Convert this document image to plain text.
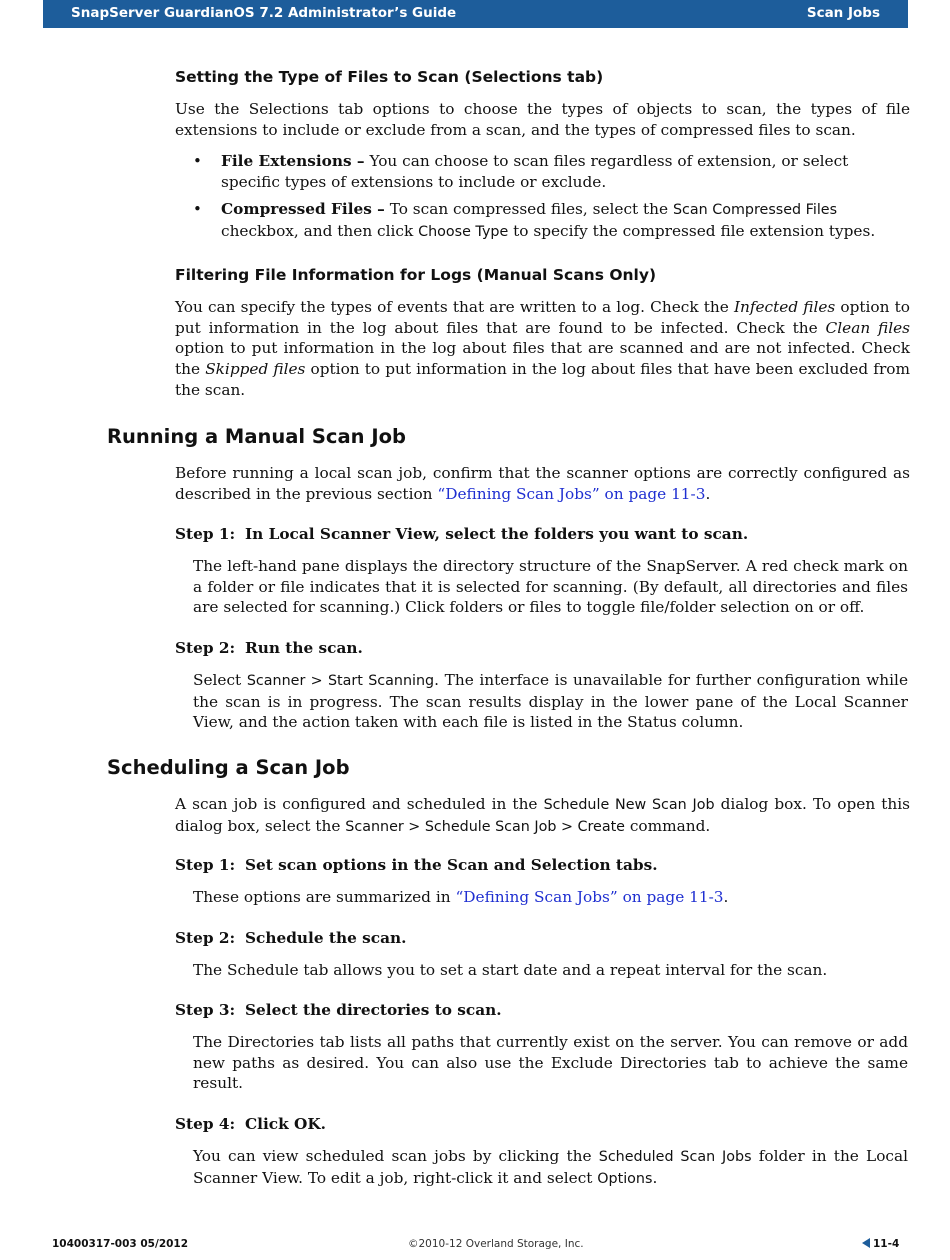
SnapServer GuardianOS 7.2 Administrator’s Guide	Scan Jobs
Setting the Type of Files to Scan (Selections tab)
Use the Selections tab options to choose the types of objects to scan, the types of file extensions to include or exclude from a scan, and the types of compressed files to scan.
• File Extensions – You can choose to scan files regardless of extension, or select specific types of extensions to include or exclude.
• Compressed Files – To scan compressed files, select the Scan Compressed Files checkbox, and then click Choose Type to specify the compressed file extension types.
Filtering File Information for Logs (Manual Scans Only)
You can specify the types of events that are written to a log. Check the Infected files option to put information in the log about files that are found to be infected. Check the Clean files option to put information in the log about files that are scanned and are not infected. Check the Skipped files option to put information in the log about files that have been excluded from the scan.
Running a Manual Scan Job
Before running a local scan job, confirm that the scanner options are correctly configured as described in the previous section “Defining Scan Jobs” on page 11-3.
Step 1: In Local Scanner View, select the folders you want to scan.
The left-hand pane displays the directory structure of the SnapServer. A red check mark on a folder or file indicates that it is selected for scanning. (By default, all directories and files are selected for scanning.) Click folders or files to toggle file/folder selection on or off.
Step 2: Run the scan.
Select Scanner > Start Scanning. The interface is unavailable for further configuration while the scan is in progress. The scan results display in the lower pane of the Local Scanner View, and the action taken with each file is listed in the Status column.
Scheduling a Scan Job
A scan job is configured and scheduled in the Schedule New Scan Job dialog box. To open this dialog box, select the Scanner > Schedule Scan Job > Create command.
Step 1: Set scan options in the Scan and Selection tabs.
These options are summarized in “Defining Scan Jobs” on page 11-3.
Step 2: Schedule the scan.
The Schedule tab allows you to set a start date and a repeat interval for the scan.
Step 3: Select the directories to scan.
The Directories tab lists all paths that currently exist on the server. You can remove or add new paths as desired. You can also use the Exclude Directories tab to achieve the same result.
Step 4: Click OK.
You can view scheduled scan jobs by clicking the Scheduled Scan Jobs folder in the Local Scanner View. To edit a job, right-click it and select Options.
10400317-003 05/2012	©2010-12 Overland Storage, Inc.	11-4
